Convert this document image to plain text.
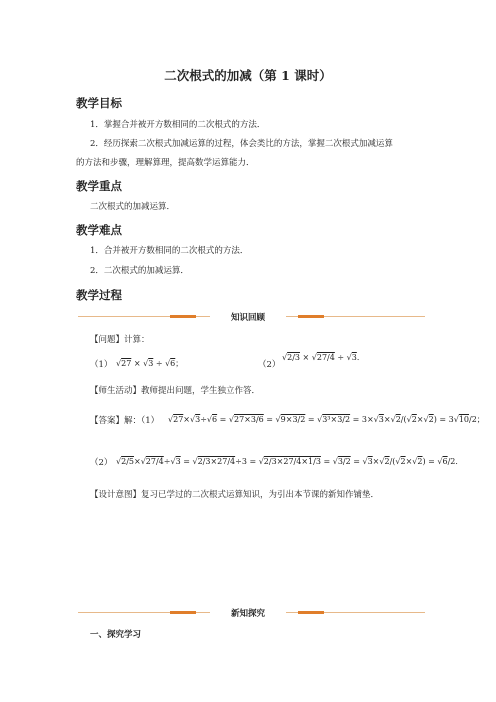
二次根式的加减（第 1 课时）
教学目标
1．掌握合并被开方数相同的二次根式的方法．
2．经历探索二次根式加减运算的过程，体会类比的方法，掌握二次根式加减运算
的方法和步骤，理解算理，提高数学运算能力．
教学重点
二次根式的加减运算．
教学难点
1．合并被开方数相同的二次根式的方法．
2．二次根式的加减运算．
教学过程
知识回顾
【问题】计算：
（1） √27 × √3 ÷ √6；	（2）
√2/3 × √27/4 ÷ √3．
【师生活动】教师提出问题，学生独立作答．
【答案】解：（1） √27×√3÷√6 = √27×3/6 = √9×3/2 = √3³×3/2 = 3×√3×√2/(√2×√2) = 3√10/2；
（2） √2/5×√27/4÷√3 = √2/3×27/4÷3 = √2/3×27/4×1/3 = √3/2 = √3×√2/(√2×√2) = √6/2．
【设计意图】复习已学过的二次根式运算知识，为引出本节课的新知作铺垫．
新知探究
一、探究学习
